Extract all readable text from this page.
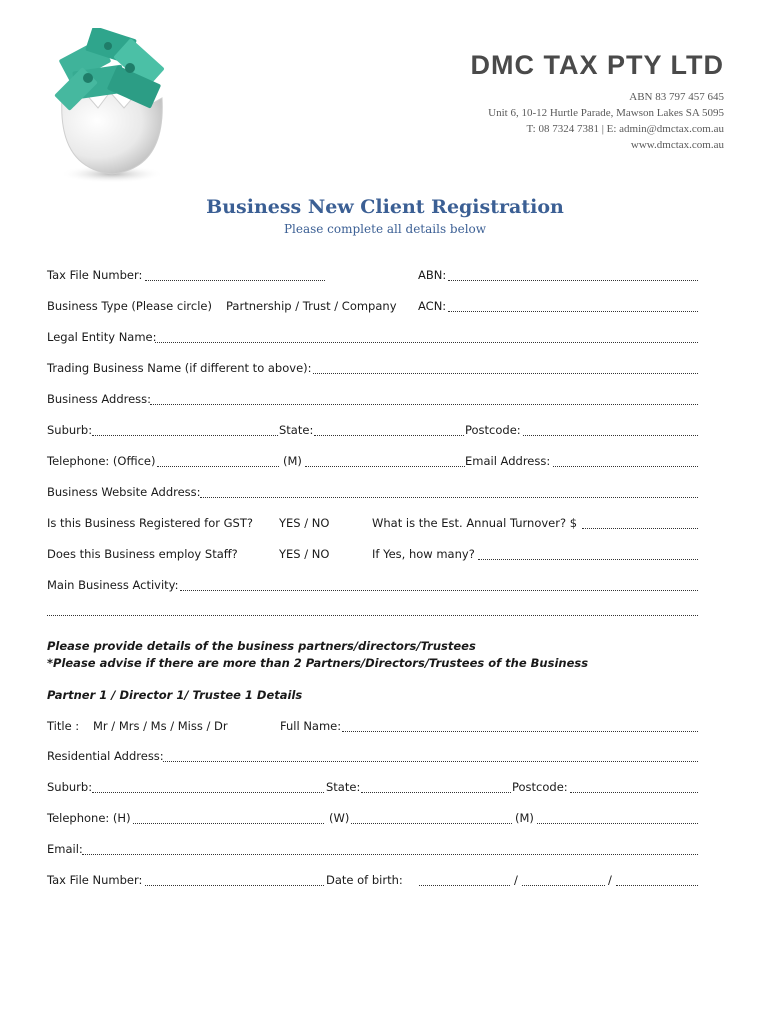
DMC TAX PTY LTD
ABN 83 797 457 645
Unit 6, 10-12 Hurtle Parade, Mawson Lakes SA 5095
T: 08 7324 7381 | E: admin@dmctax.com.au
www.dmctax.com.au
Business New Client Registration
Please complete all details below
Tax File Number:	ABN:
Business Type (Please circle) Partnership / Trust / Company ACN:
Legal Entity Name:
Trading Business Name (if different to above):
Business Address:
Suburb:	State:	Postcode:
Telephone: (Office)	(M)	Email Address:
Business Website Address:
Is this Business Registered for GST? YES / NO	What is the Est. Annual Turnover? $
Does this Business employ Staff?	YES / NO	If Yes, how many?
Main Business Activity:
Please provide details of the business partners/directors/Trustees
*Please advise if there are more than 2 Partners/Directors/Trustees of the Business
Partner 1 / Director 1/ Trustee 1 Details
Title : Mr / Mrs / Ms / Miss / Dr	Full Name:
Residential Address:
Suburb:	State:	Postcode:
Telephone: (H)	(W)	(M)
Email:
Tax File Number:	Date of birth:	/	/
